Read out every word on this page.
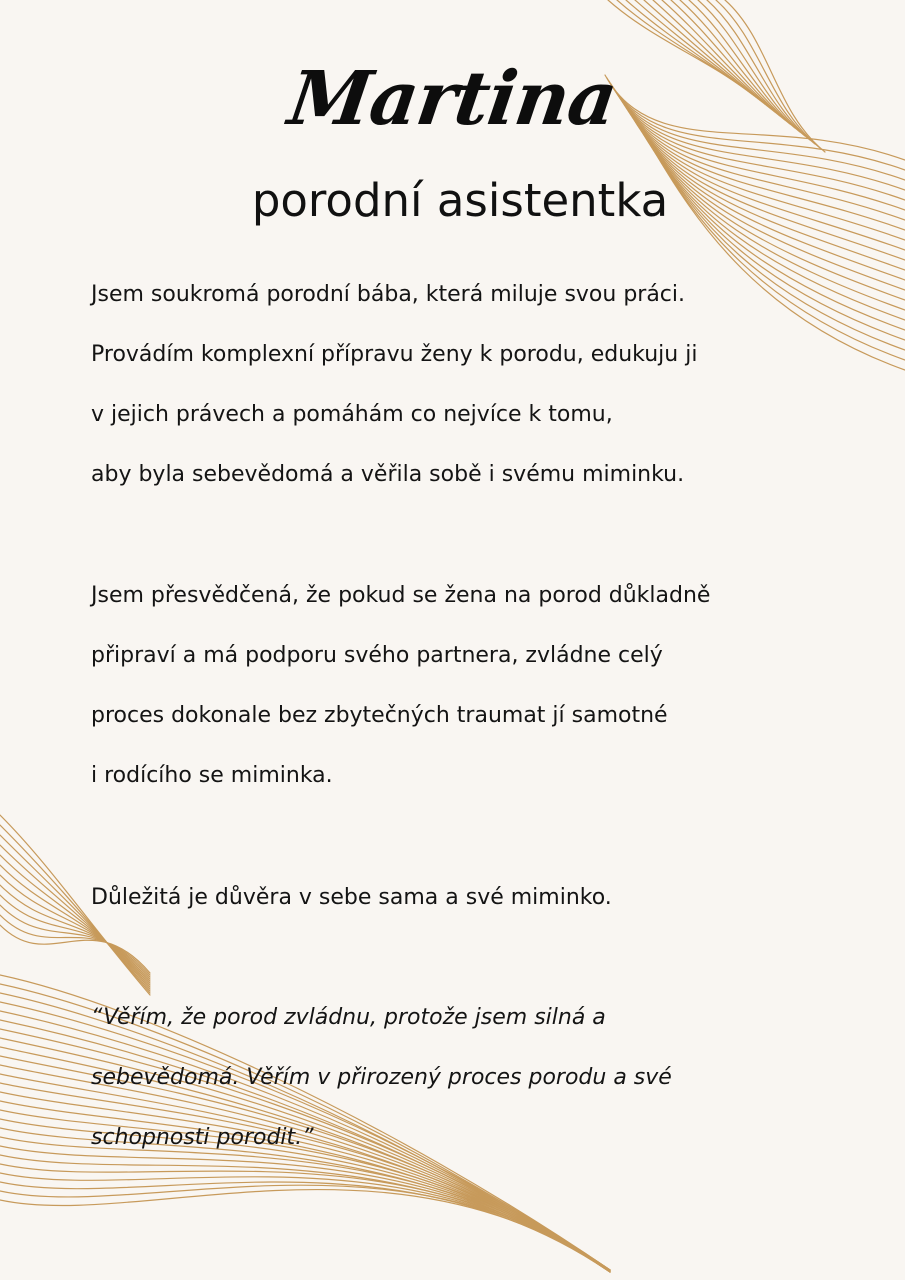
Martina
porodní asistentka

Jsem soukromá porodní bába, která miluje svou práci.
Provádím komplexní přípravu ženy k porodu, edukuju ji
v jejich právech a pomáhám co nejvíce k tomu,
aby byla sebevědomá a věřila sobě i svému miminku.

Jsem přesvědčená, že pokud se žena na porod důkladně
připraví a má podporu svého partnera, zvládne celý
proces dokonale bez zbytečných traumat jí samotné
i rodícího se miminka.

Důležitá je důvěra v sebe sama a své miminko.

“Věřím, že porod zvládnu, protože jsem silná a
sebevědomá. Věřím v přirozený proces porodu a své
schopnosti porodit.”
